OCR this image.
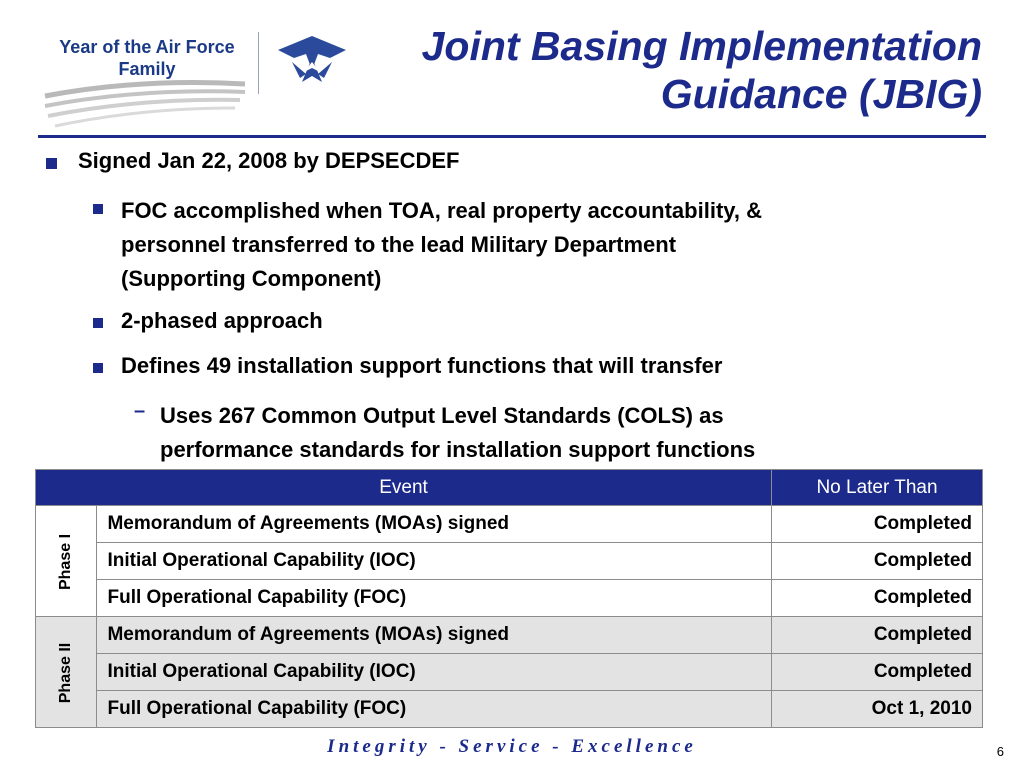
Year of the Air Force
Family	Joint Basing Implementation
Guidance (JBIG)
Signed Jan 22, 2008 by DEPSECDEF
FOC accomplished when TOA, real property accountability, &
personnel transferred to the lead Military Department
(Supporting Component)
2-phased approach
Defines 49 installation support functions that will transfer
– Uses 267 Common Output Level Standards (COLS) as
performance standards for installation support functions
Event		No Later Than
Phase I	Memorandum of Agreements (MOAs) signed	Completed
	Initial Operational Capability (IOC)	Completed
	Full Operational Capability (FOC)	Completed
Phase II	Memorandum of Agreements (MOAs) signed	Completed
	Initial Operational Capability (IOC)	Completed
	Full Operational Capability (FOC)	Oct 1, 2010
Integrity - Service - Excellence	6
